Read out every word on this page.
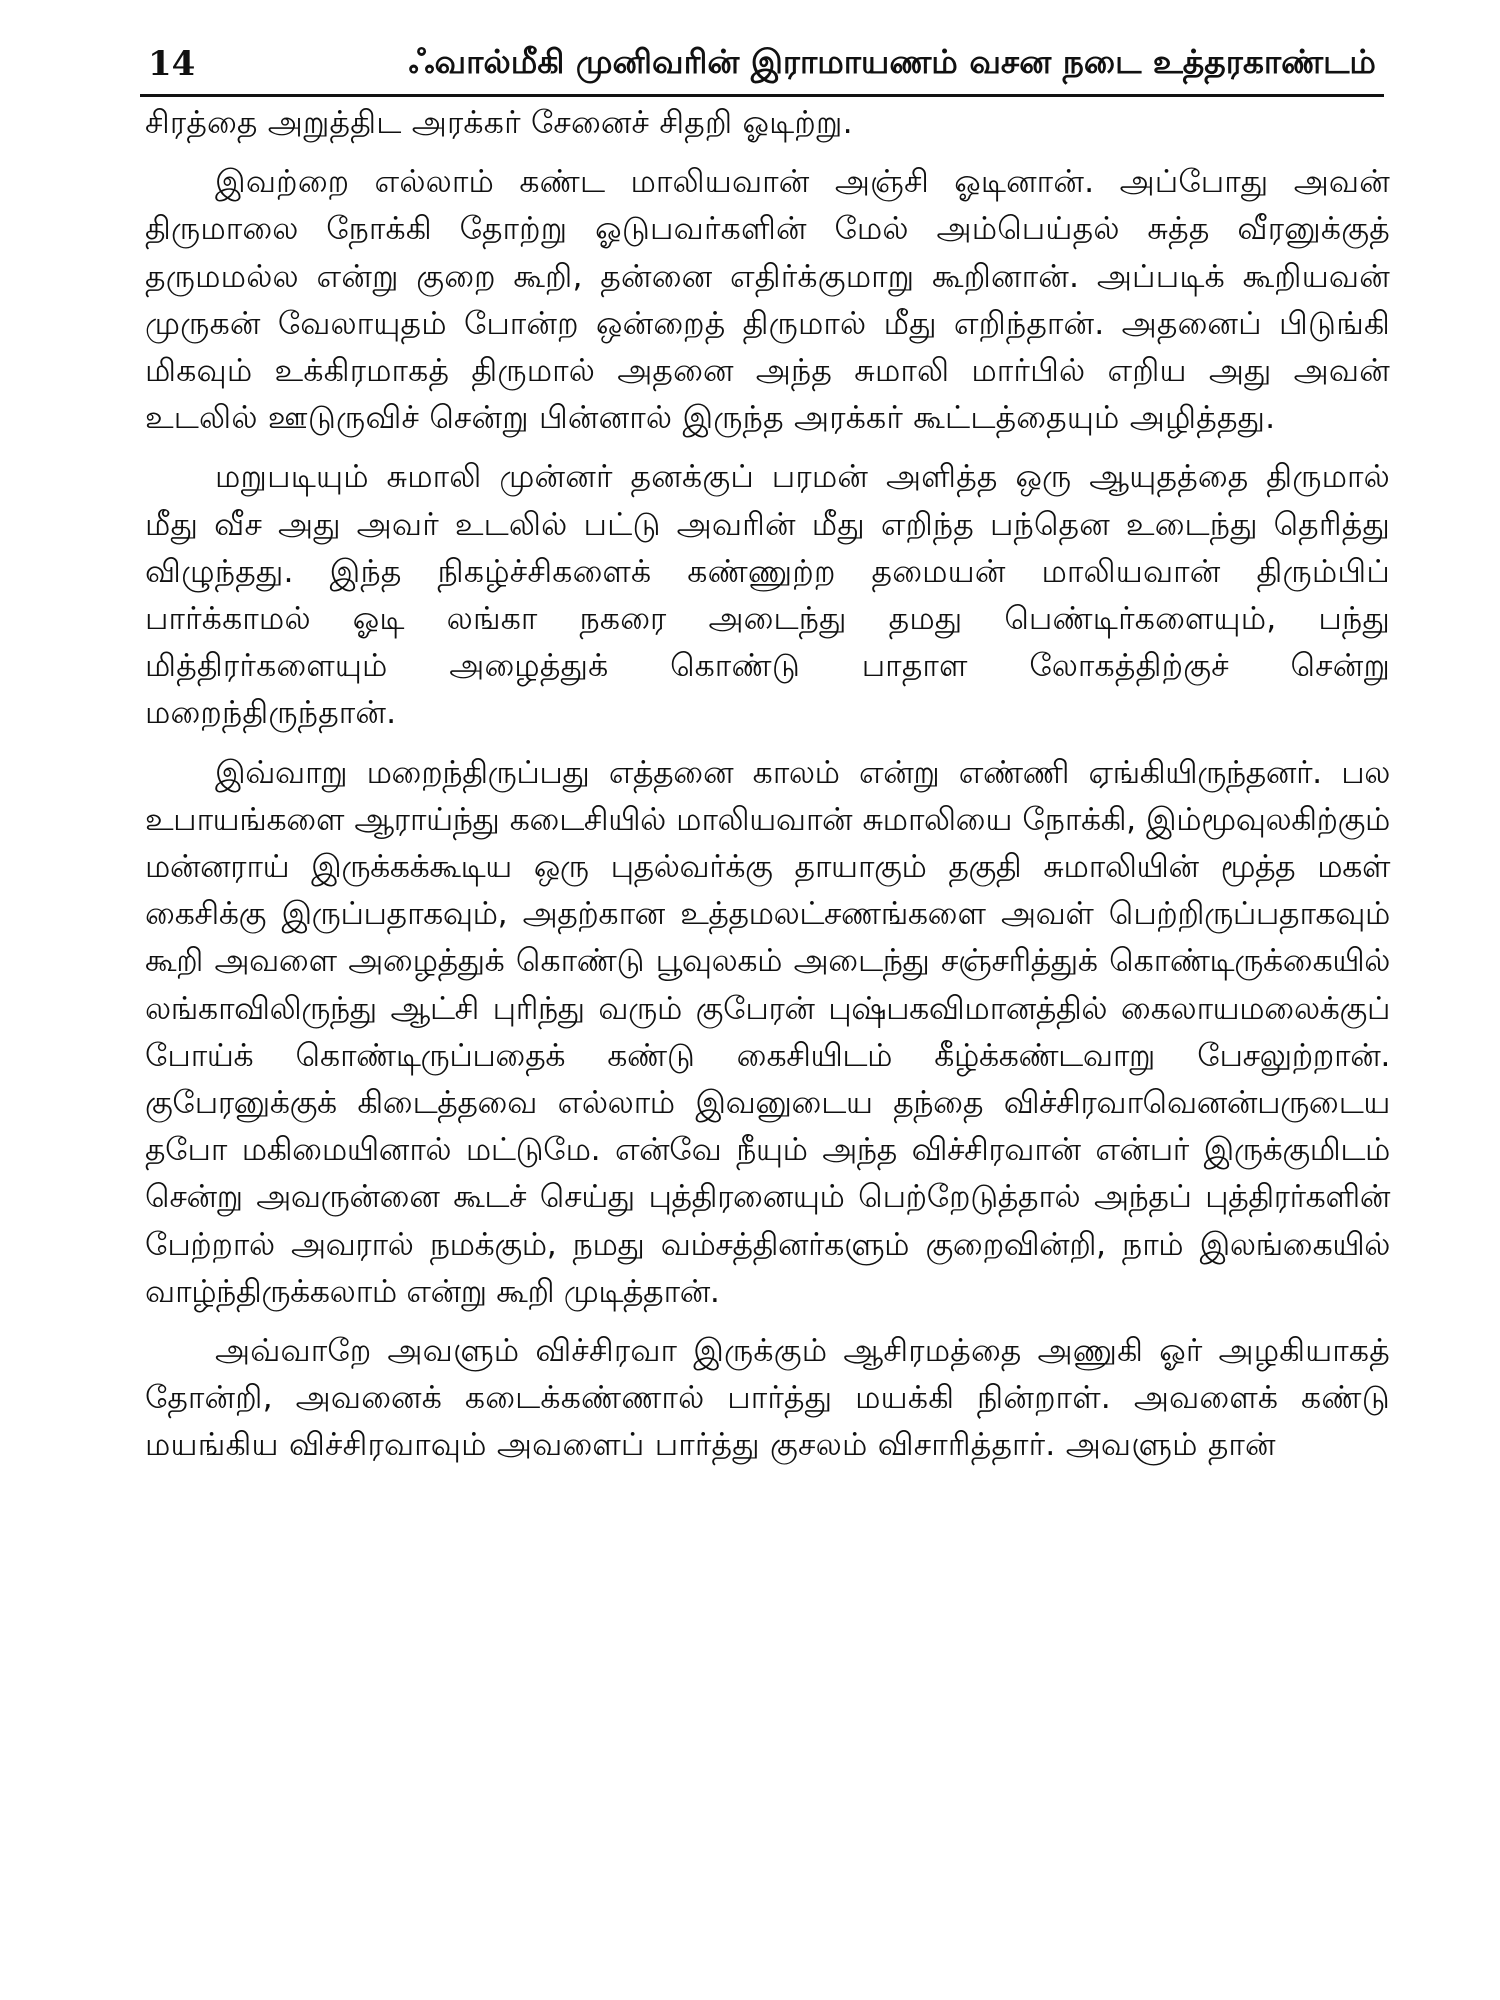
14	ஃவால்மீகி முனிவரின் இராமாயணம் வசன நடை உத்தரகாண்டம்

சிரத்தை அறுத்திட அரக்கர் சேனைச் சிதறி ஓடிற்று.

இவற்றை எல்லாம் கண்ட மாலியவான் அஞ்சி ஓடினான். அப்போது அவன் திருமாலை நோக்கி தோற்று ஓடுபவர்களின் மேல் அம்பெய்தல் சுத்த வீரனுக்குத் தருமமல்ல என்று குறை கூறி, தன்னை எதிர்க்குமாறு கூறினான். அப்படிக் கூறியவன் முருகன் வேலாயுதம் போன்ற ஒன்றைத் திருமால் மீது எறிந்தான். அதனைப் பிடுங்கி மிகவும் உக்கிரமாகத் திருமால் அதனை அந்த சுமாலி மார்பில் எறிய அது அவன் உடலில் ஊடுருவிச் சென்று பின்னால் இருந்த அரக்கர் கூட்டத்தையும் அழித்தது.

மறுபடியும் சுமாலி முன்னர் தனக்குப் பரமன் அளித்த ஒரு ஆயுதத்தை திருமால் மீது வீச அது அவர் உடலில் பட்டு அவரின் மீது எறிந்த பந்தென உடைந்து தெரித்து விழுந்தது. இந்த நிகழ்ச்சிகளைக் கண்ணுற்ற தமையன் மாலியவான் திரும்பிப் பார்க்காமல் ஓடி லங்கா நகரை அடைந்து தமது பெண்டிர்களையும், பந்து மித்திரர்களையும் அழைத்துக் கொண்டு பாதாள லோகத்திற்குச் சென்று மறைந்திருந்தான்.

இவ்வாறு மறைந்திருப்பது எத்தனை காலம் என்று எண்ணி ஏங்கியிருந்தனர். பல உபாயங்களை ஆராய்ந்து கடைசியில் மாலியவான் சுமாலியை நோக்கி, இம்மூவுலகிற்கும் மன்னராய் இருக்கக்கூடிய ஒரு புதல்வர்க்கு தாயாகும் தகுதி சுமாலியின் மூத்த மகள் கைசிக்கு இருப்பதாகவும், அதற்கான உத்தமலட்சணங்களை அவள் பெற்றிருப்பதாகவும் கூறி அவளை அழைத்துக் கொண்டு பூவுலகம் அடைந்து சஞ்சரித்துக் கொண்டிருக்கையில் லங்காவிலிருந்து ஆட்சி புரிந்து வரும் குபேரன் புஷ்பகவிமானத்தில் கைலாயமலைக்குப் போய்க் கொண்டிருப்பதைக் கண்டு கைசியிடம் கீழ்க்கண்டவாறு பேசலுற்றான். குபேரனுக்குக் கிடைத்தவை எல்லாம் இவனுடைய தந்தை விச்சிரவாவெனன்பருடைய தபோ மகிமையினால் மட்டுமே. என்வே நீயும் அந்த விச்சிரவான் என்பர் இருக்குமிடம் சென்று அவருன்னை கூடச் செய்து புத்திரனையும் பெற்றேடுத்தால் அந்தப் புத்திரர்களின் பேற்றால் அவரால் நமக்கும், நமது வம்சத்தினர்களும் குறைவின்றி, நாம் இலங்கையில் வாழ்ந்திருக்கலாம் என்று கூறி முடித்தான்.

அவ்வாறே அவளும் விச்சிரவா இருக்கும் ஆசிரமத்தை அணுகி ஓர் அழகியாகத் தோன்றி, அவனைக் கடைக்கண்ணால் பார்த்து மயக்கி நின்றாள். அவளைக் கண்டு மயங்கிய விச்சிரவாவும் அவளைப் பார்த்து குசலம் விசாரித்தார். அவளும் தான்
